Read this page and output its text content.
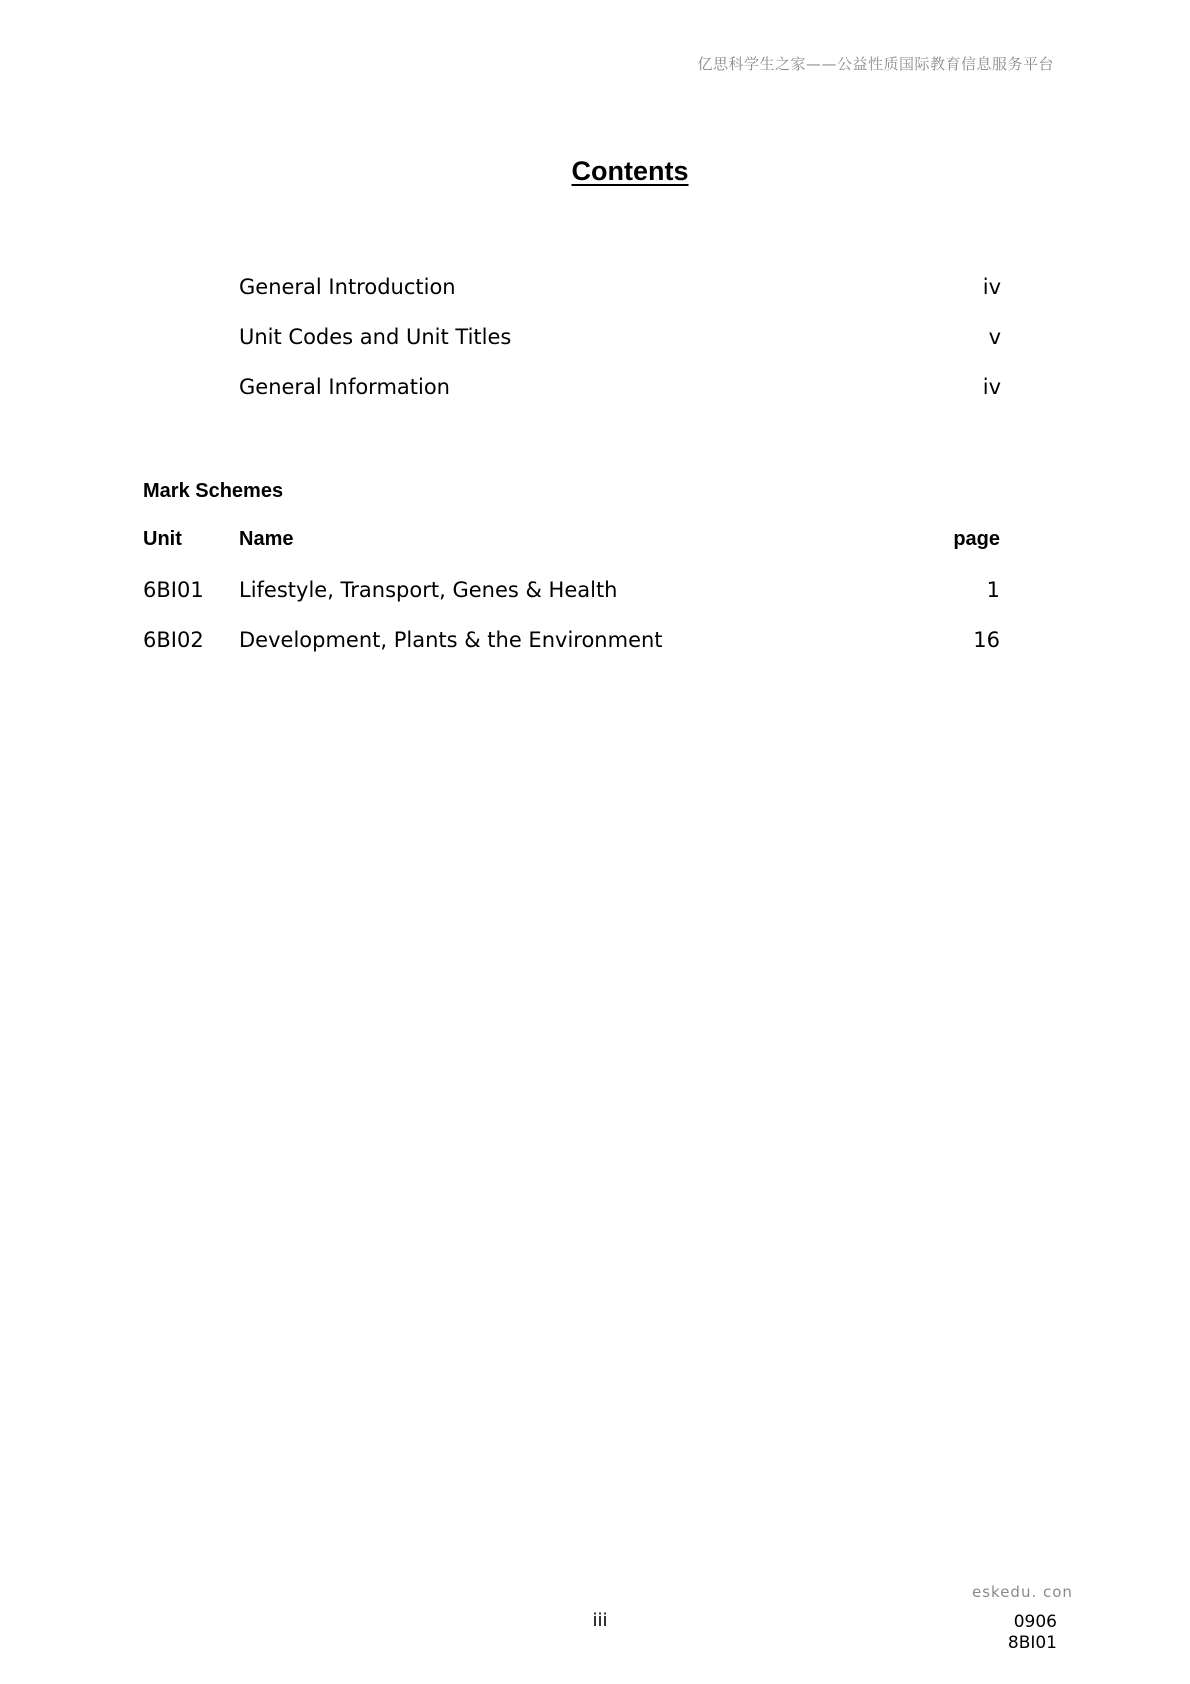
亿思科学生之家——公益性质国际教育信息服务平台
Contents
General Introduction	iv
Unit Codes and Unit Titles	v
General Information	iv
Mark Schemes
Unit	Name	page
6BI01 Lifestyle, Transport, Genes & Health	1
6BI02 Development, Plants & the Environment	16
eskedu. con
iii	0906
8BI01
